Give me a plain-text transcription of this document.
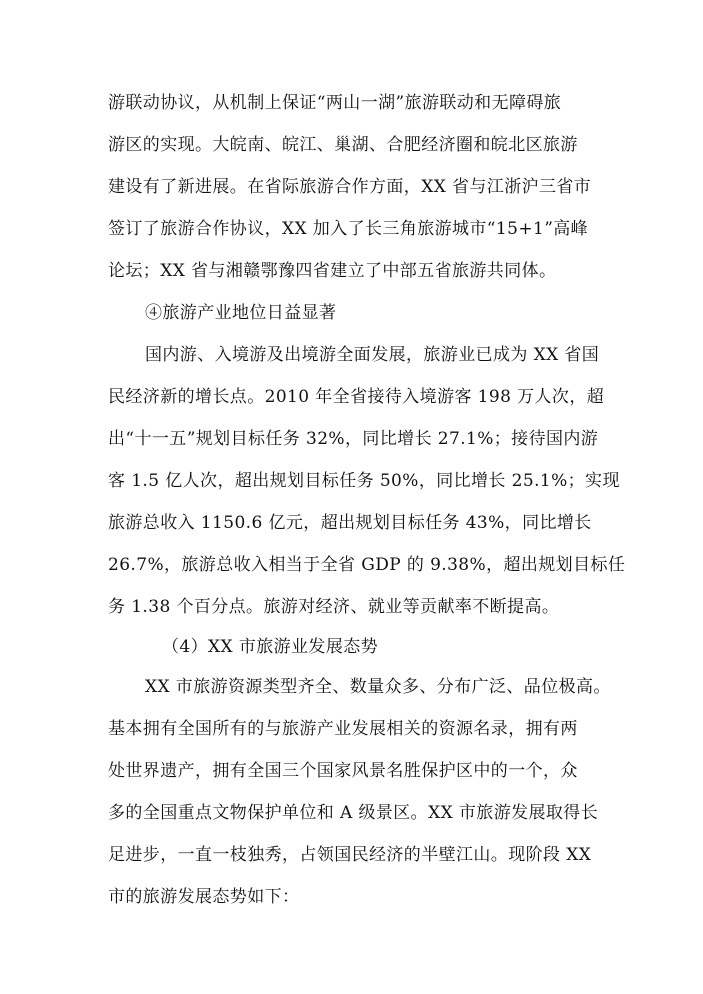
游联动协议，从机制上保证“两山一湖”旅游联动和无障碍旅
游区的实现。大皖南、皖江、巢湖、合肥经济圈和皖北区旅游
建设有了新进展。在省际旅游合作方面，XX 省与江浙沪三省市
签订了旅游合作协议，XX 加入了长三角旅游城市“15+1”高峰
论坛；XX 省与湘赣鄂豫四省建立了中部五省旅游共同体。
④旅游产业地位日益显著
国内游、入境游及出境游全面发展，旅游业已成为 XX 省国
民经济新的增长点。2010 年全省接待入境游客 198 万人次，超
出“十一五”规划目标任务 32%，同比增长 27.1%；接待国内游
客 1.5 亿人次，超出规划目标任务 50%，同比增长 25.1%；实现
旅游总收入 1150.6 亿元，超出规划目标任务 43%，同比增长
26.7%，旅游总收入相当于全省 GDP 的 9.38%，超出规划目标任
务 1.38 个百分点。旅游对经济、就业等贡献率不断提高。
（4）XX 市旅游业发展态势
XX 市旅游资源类型齐全、数量众多、分布广泛、品位极高。
基本拥有全国所有的与旅游产业发展相关的资源名录，拥有两
处世界遗产，拥有全国三个国家风景名胜保护区中的一个，众
多的全国重点文物保护单位和 A 级景区。XX 市旅游发展取得长
足进步，一直一枝独秀，占领国民经济的半壁江山。现阶段 XX
市的旅游发展态势如下：
